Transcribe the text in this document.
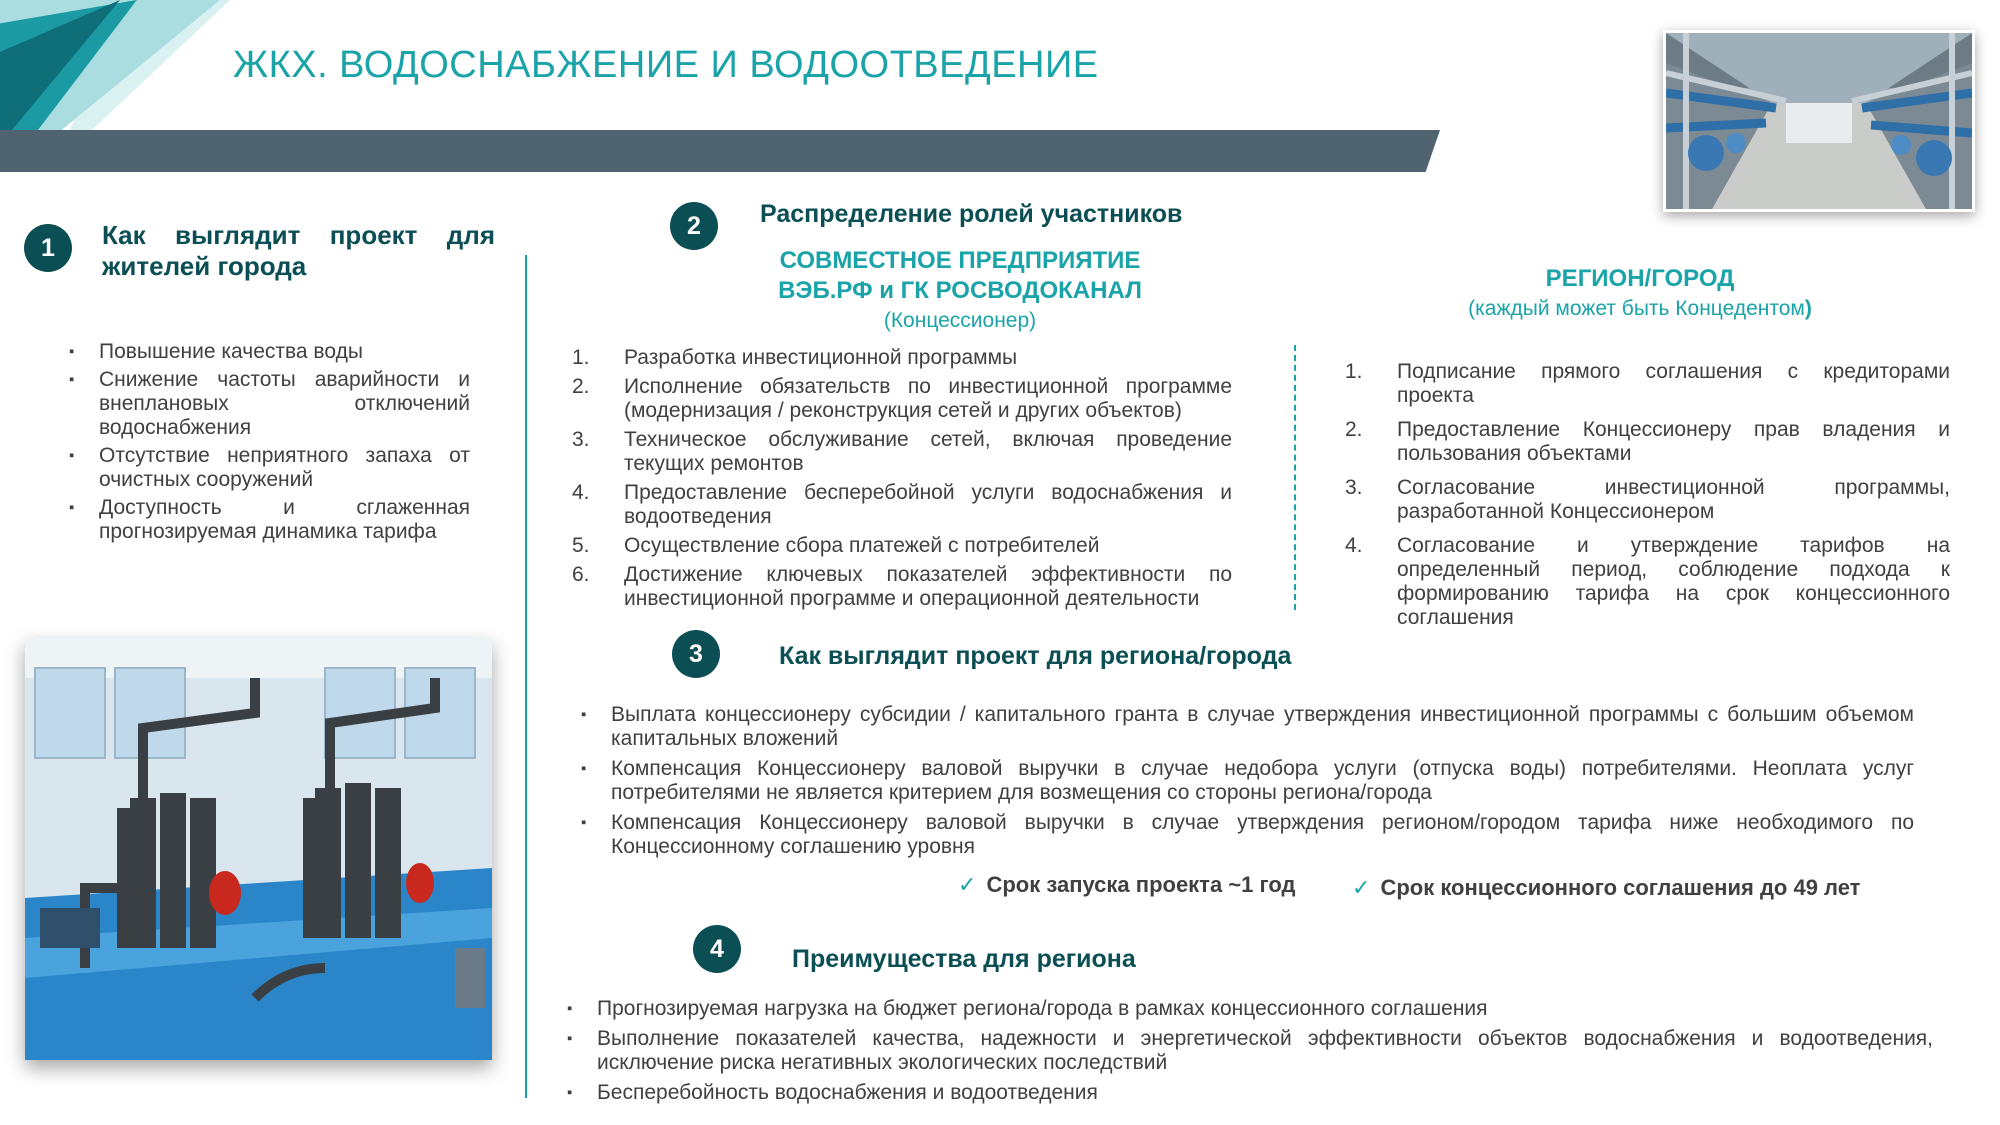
ЖКХ. ВОДОСНАБЖЕНИЕ И ВОДООТВЕДЕНИЕ
1	Как выглядит проект для
жителей города
▪ Повышение качества воды
▪ Снижение частоты аварийности и внеплановых отключений водоснабжения
▪ Отсутствие неприятного запаха от очистных сооружений
▪ Доступность и сглаженная прогнозируемая динамика тарифа
2	Распределение ролей участников
СОВМЕСТНОЕ ПРЕДПРИЯТИЕ
ВЭБ.РФ и ГК РОСВОДОКАНАЛ
(Концессионер)
1.	Разработка инвестиционной программы
2.	Исполнение обязательств по инвестиционной программе (модернизация / реконструкция сетей и других объектов)
3.	Техническое обслуживание сетей, включая проведение текущих ремонтов
4.	Предоставление бесперебойной услуги водоснабжения и водоотведения
5.	Осуществление сбора платежей с потребителей
6.	Достижение ключевых показателей эффективности по инвестиционной программе и операционной деятельности
РЕГИОН/ГОРОД
(каждый может быть Концедентом)
1.	Подписание прямого соглашения с кредиторами проекта
2.	Предоставление Концессионеру прав владения и пользования объектами
3.	Согласование инвестиционной программы, разработанной Концессионером
4.	Согласование и утверждение тарифов на определенный период, соблюдение подхода к формированию тарифа на срок концессионного соглашения
3	Как выглядит проект для региона/города
▪ Выплата концессионеру субсидии / капитального гранта в случае утверждения инвестиционной программы с большим объемом капитальных вложений
▪ Компенсация Концессионеру валовой выручки в случае недобора услуги (отпуска воды) потребителями. Неоплата услуг потребителями не является критерием для возмещения со стороны региона/города
▪ Компенсация Концессионеру валовой выручки в случае утверждения регионом/городом тарифа ниже необходимого по Концессионному соглашению уровня
✓ Срок запуска проекта ~1 год	✓ Срок концессионного соглашения до 49 лет
4	Преимущества для региона
▪ Прогнозируемая нагрузка на бюджет региона/города в рамках концессионного соглашения
▪ Выполнение показателей качества, надежности и энергетической эффективности объектов водоснабжения и водоотведения, исключение риска негативных экологических последствий
▪ Бесперебойность водоснабжения и водоотведения
